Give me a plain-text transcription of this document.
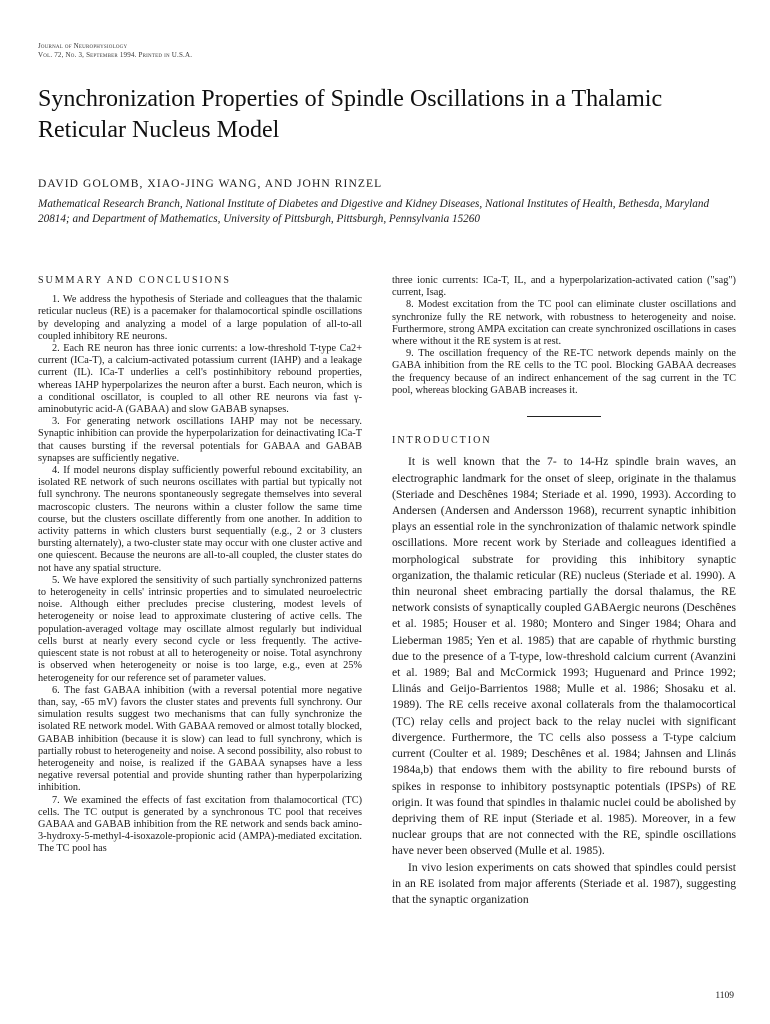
Journal of Neurophysiology
Vol. 72, No. 3, September 1994. Printed in U.S.A.
Synchronization Properties of Spindle Oscillations in a Thalamic Reticular Nucleus Model
DAVID GOLOMB, XIAO-JING WANG, AND JOHN RINZEL
Mathematical Research Branch, National Institute of Diabetes and Digestive and Kidney Diseases, National Institutes of Health, Bethesda, Maryland 20814; and Department of Mathematics, University of Pittsburgh, Pittsburgh, Pennsylvania 15260
SUMMARY AND CONCLUSIONS

1. We address the hypothesis of Steriade and colleagues that the thalamic reticular nucleus (RE) is a pacemaker for thalamocortical spindle oscillations by developing and analyzing a model of a large population of all-to-all coupled inhibitory RE neurons.

2. Each RE neuron has three ionic currents: a low-threshold T-type Ca2+ current (ICa-T), a calcium-activated potassium current (IAHP) and a leakage current (IL). ICa-T underlies a cell's postinhibitory rebound properties, whereas IAHP hyperpolarizes the neuron after a burst. Each neuron, which is a conditional oscillator, is coupled to all other RE neurons via fast γ-aminobutyric acid-A (GABAA) and slow GABAB synapses.

3. For generating network oscillations IAHP may not be necessary. Synaptic inhibition can provide the hyperpolarization for deinactivating ICa-T that causes bursting if the reversal potentials for GABAA and GABAB synapses are sufficiently negative.

4. If model neurons display sufficiently powerful rebound excitability, an isolated RE network of such neurons oscillates with partial but typically not full synchrony. The neurons spontaneously segregate themselves into several macroscopic clusters. The neurons within a cluster follow the same time course, but the clusters oscillate differently from one another. In addition to activity patterns in which clusters burst sequentially (e.g., 2 or 3 clusters bursting alternately), a two-cluster state may occur with one cluster active and one quiescent. Because the neurons are all-to-all coupled, the cluster states do not have any spatial structure.

5. We have explored the sensitivity of such partially synchronized patterns to heterogeneity in cells' intrinsic properties and to simulated neuroelectric noise. Although either precludes precise clustering, modest levels of heterogeneity or noise lead to approximate clustering of active cells. The population-averaged voltage may oscillate almost regularly but individual cells burst at nearly every second cycle or less frequently. The active-quiescent state is not robust at all to heterogeneity or noise. Total asynchrony is observed when heterogeneity or noise is too large, e.g., even at 25% heterogeneity for our reference set of parameter values.

6. The fast GABAA inhibition (with a reversal potential more negative than, say, -65 mV) favors the cluster states and prevents full synchrony. Our simulation results suggest two mechanisms that can fully synchronize the isolated RE network model. With GABAA removed or almost totally blocked, GABAB inhibition (because it is slow) can lead to full synchrony, which is partially robust to heterogeneity and noise. A second possibility, also robust to heterogeneity and noise, is realized if the GABAA synapses have a less negative reversal potential and provide shunting rather than hyperpolarizing inhibition.

7. We examined the effects of fast excitation from thalamocortical (TC) cells. The TC output is generated by a synchronous TC pool that receives GABAA and GABAB inhibition from the RE network and sends back amino-3-hydroxy-5-methyl-4-isoxazole-propionic acid (AMPA)-mediated excitation. The TC pool has

three ionic currents: ICa-T, IL, and a hyperpolarization-activated cation ("sag") current, Isag.

8. Modest excitation from the TC pool can eliminate cluster oscillations and synchronize fully the RE network, with robustness to heterogeneity and noise. Furthermore, strong AMPA excitation can create synchronized oscillations in cases where without it the RE system is at rest.

9. The oscillation frequency of the RE-TC network depends mainly on the GABA inhibition from the RE cells to the TC pool. Blocking GABAA decreases the frequency because of an indirect enhancement of the sag current in the TC pool, whereas blocking GABAB increases it.

INTRODUCTION

It is well known that the 7- to 14-Hz spindle brain waves, an electrographic landmark for the onset of sleep, originate in the thalamus (Steriade and Deschênes 1984; Steriade et al. 1990, 1993). According to Andersen (Andersen and Andersson 1968), recurrent synaptic inhibition plays an essential role in the synchronization of thalamic network spindle oscillations. More recent work by Steriade and colleagues identified a morphological substrate for providing this inhibitory synaptic organization, the thalamic reticular (RE) nucleus (Steriade et al. 1990). A thin neuronal sheet embracing partially the dorsal thalamus, the RE network consists of synaptically coupled GABAergic neurons (Deschênes et al. 1985; Houser et al. 1980; Montero and Singer 1984; Ohara and Lieberman 1985; Yen et al. 1985) that are capable of rhythmic bursting due to the presence of a T-type, low-threshold calcium current (Avanzini et al. 1989; Bal and McCormick 1993; Huguenard and Prince 1992; Llinás and Geijo-Barrientos 1988; Mulle et al. 1986; Shosaku et al. 1989). The RE cells receive axonal collaterals from the thalamocortical (TC) relay cells and project back to the relay nuclei with significant divergence. Furthermore, the TC cells also possess a T-type calcium current (Coulter et al. 1989; Deschênes et al. 1984; Jahnsen and Llinás 1984a,b) that endows them with the ability to fire rebound bursts of spikes in response to inhibitory postsynaptic potentials (IPSPs) of RE origin. It was found that spindles in thalamic nuclei could be abolished by depriving them of RE input (Steriade et al. 1985). Moreover, in a few nuclear groups that are not connected with the RE, spindle oscillations have never been observed (Mulle et al. 1985).

In vivo lesion experiments on cats showed that spindles could persist in an RE isolated from major afferents (Steriade et al. 1987), suggesting that the synaptic organization

1109
